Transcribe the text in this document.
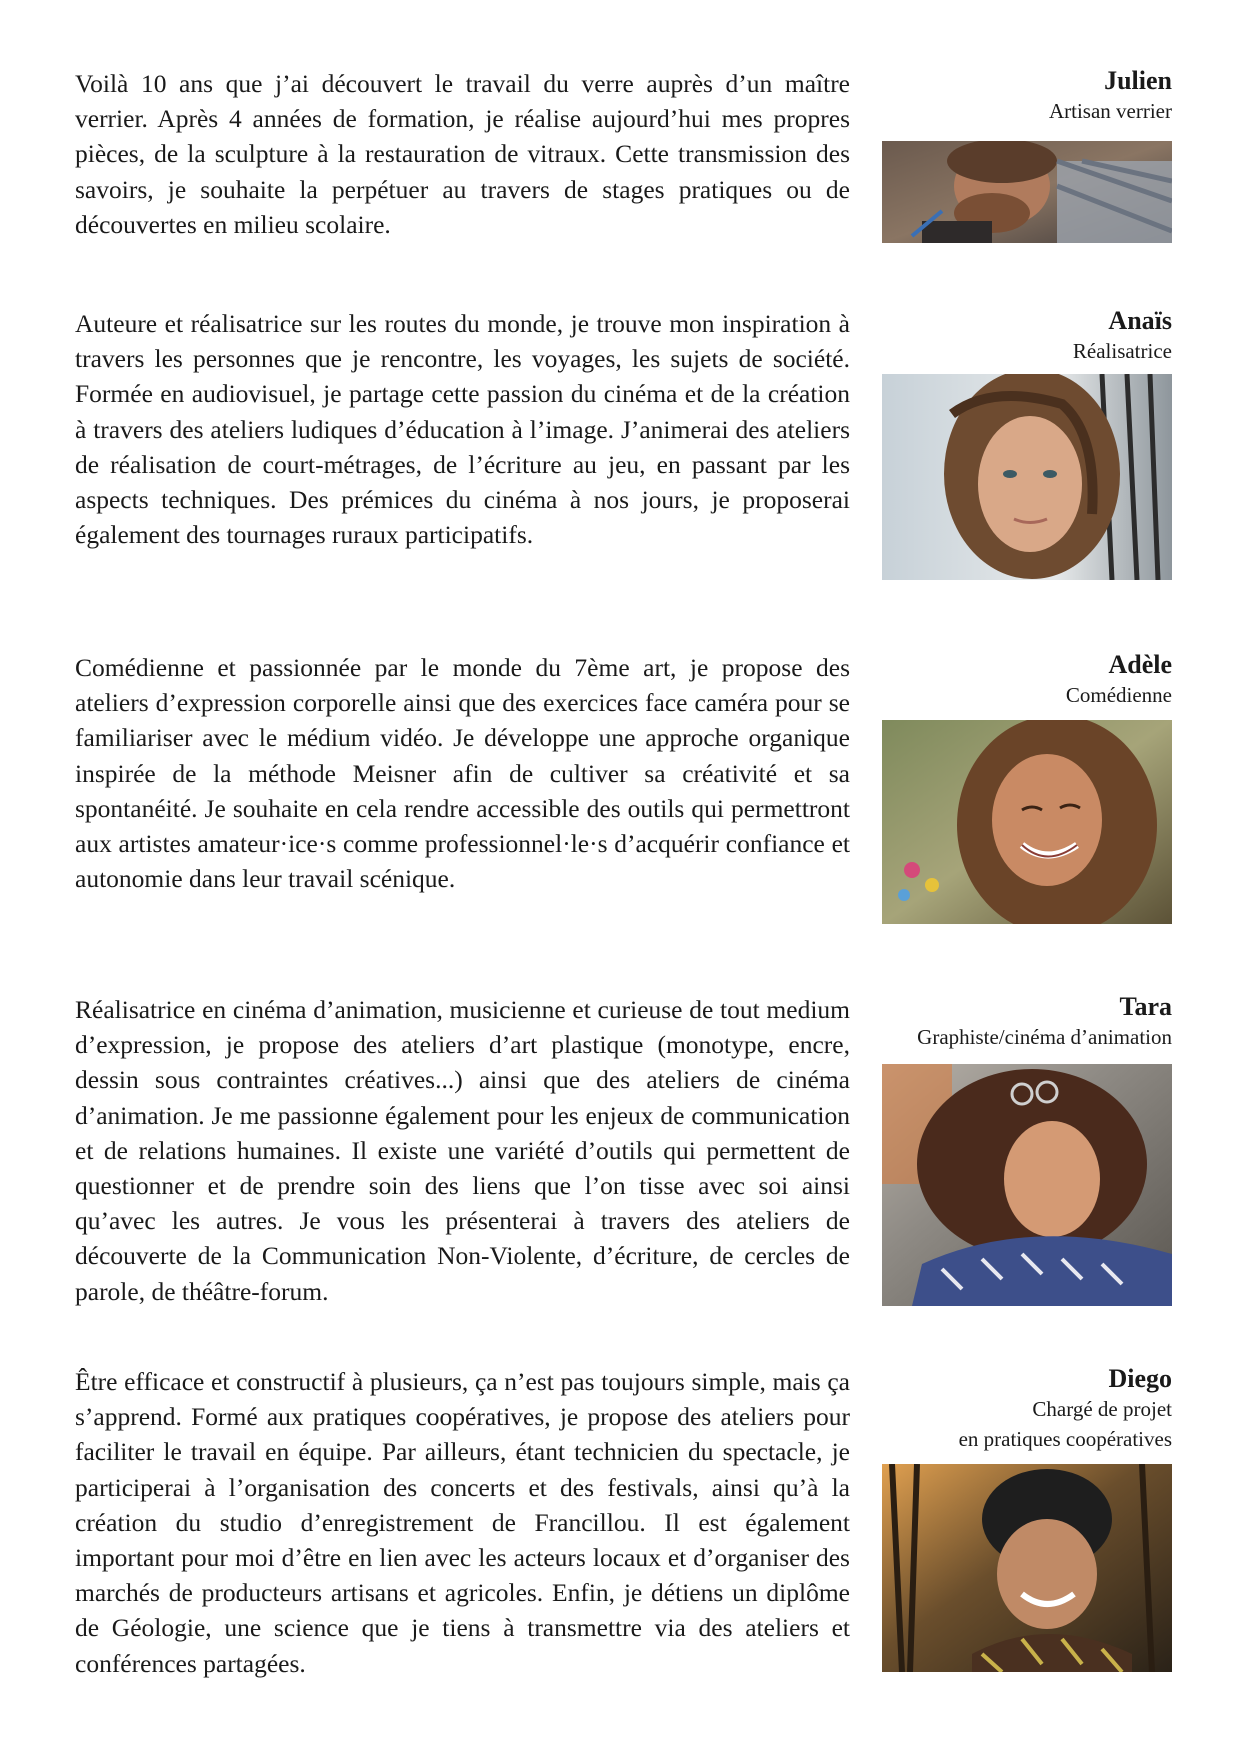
Voilà 10 ans que j’ai découvert le travail du verre auprès d’un maître verrier. Après 4 années de formation, je réalise aujourd’hui mes propres pièces, de la sculpture à la restauration de vitraux. Cette transmission des savoirs, je souhaite la perpétuer au travers de stages pratiques ou de découvertes en milieu scolaire.

Julien

Artisan verrier

Auteure et réalisatrice sur les routes du monde, je trouve mon inspiration à travers les personnes que je rencontre, les voyages, les sujets de société. Formée en audiovisuel, je partage cette passion du cinéma et de la création à travers des ateliers ludiques d’éducation à l’image. J’animerai des ateliers de réalisation de court-métrages, de l’écriture au jeu, en passant par les aspects techniques. Des prémices du cinéma à nos jours, je proposerai également des tournages ruraux participatifs.

Anaïs

Réalisatrice

Comédienne et passionnée par le monde du 7ème art, je propose des ateliers d’expression corporelle ainsi que des exercices face caméra pour se familiariser avec le médium vidéo. Je développe une approche organique inspirée de la méthode Meisner afin de cultiver sa créativité et sa spontanéité. Je souhaite en cela rendre accessible des outils qui permettront aux artistes amateur·ice·s comme professionnel·le·s d’acquérir confiance et autonomie dans leur travail scénique.

Adèle

Comédienne

Réalisatrice en cinéma d’animation, musicienne et curieuse de tout medium d’expression, je propose des ateliers d’art plastique (monotype, encre, dessin sous contraintes créatives...) ainsi que des ateliers de cinéma d’animation. Je me passionne également pour les enjeux de communication et de relations humaines. Il existe une variété d’outils qui permettent de questionner et de prendre soin des liens que l’on tisse avec soi ainsi qu’avec les autres. Je vous les présenterai à travers des ateliers de découverte de la Communication Non-Violente, d’écriture, de cercles de parole, de théâtre-forum.

Tara

Graphiste/cinéma d’animation

Être efficace et constructif à plusieurs, ça n’est pas toujours simple, mais ça s’apprend. Formé aux pratiques coopératives, je propose des ateliers pour faciliter le travail en équipe. Par ailleurs, étant technicien du spectacle, je participerai à l’organisation des concerts et des festivals, ainsi qu’à la création du studio d’enregistrement de Francillou. Il est également important pour moi d’être en lien avec les acteurs locaux et d’organiser des marchés de producteurs artisans et agricoles. Enfin, je détiens un diplôme de Géologie, une science que je tiens à transmettre via des ateliers et conférences partagées.

Diego

Chargé de projet

en pratiques coopératives
